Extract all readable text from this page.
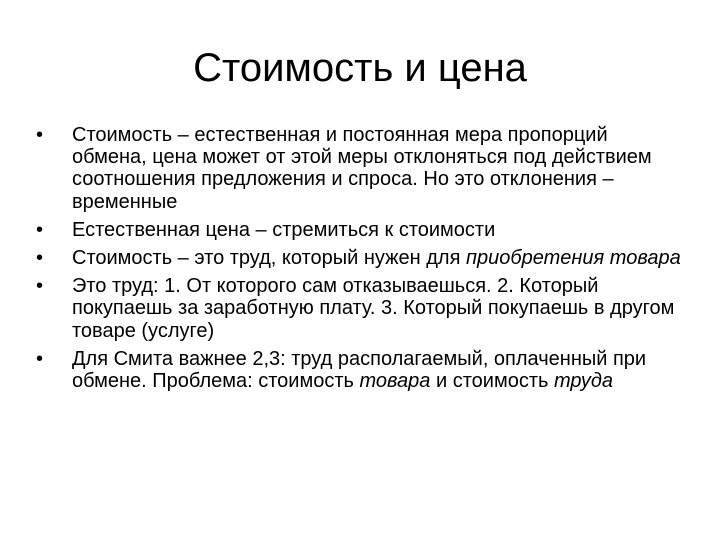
Стоимость и цена
•	Стоимость – естественная и постоянная мера пропорций обмена, цена может от этой меры отклоняться под действием соотношения предложения и спроса. Но это отклонения – временные
•	Естественная цена – стремиться к стоимости
•	Стоимость – это труд, который нужен для приобретения товара
•	Это труд: 1. От которого сам отказываешься. 2. Который покупаешь за заработную плату. 3. Который покупаешь в другом товаре (услуге)
•	Для Смита важнее 2,3: труд располагаемый, оплаченный при обмене. Проблема: стоимость товара и стоимость труда
